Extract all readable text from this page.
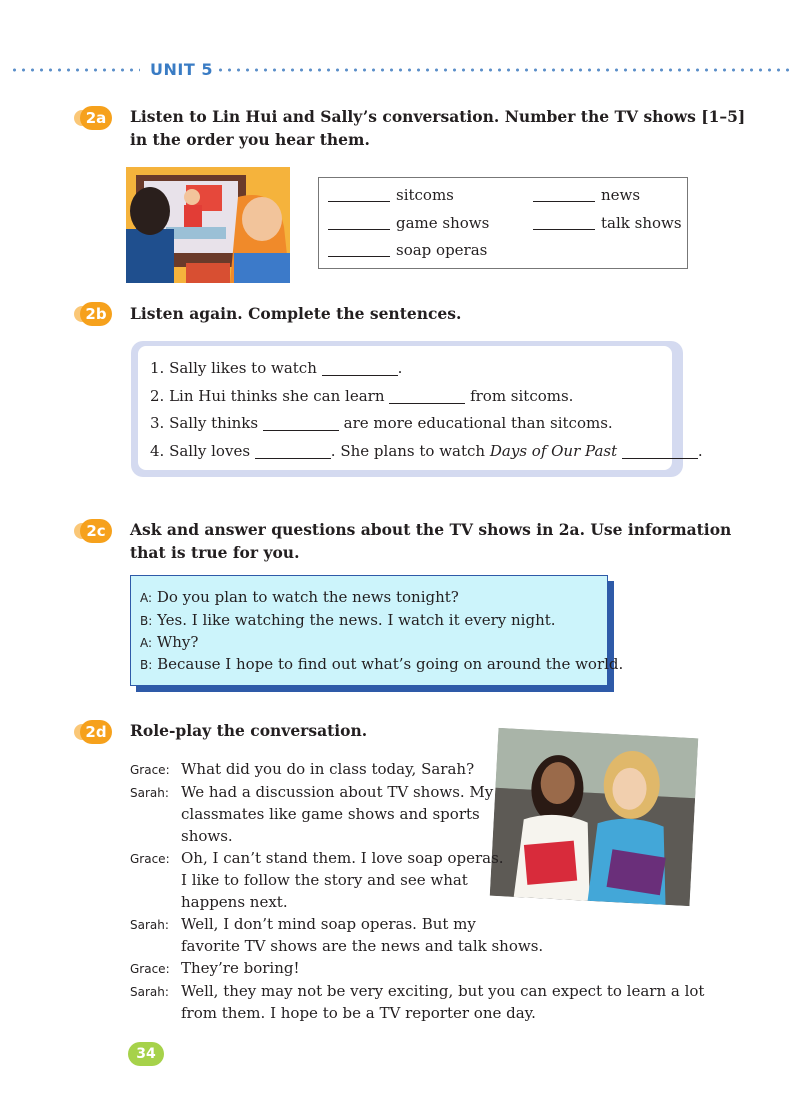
UNIT 5
2a	Listen to Lin Hui and Sally’s conversation. Number the TV shows [1–5]
in the order you hear them.
sitcoms	news
game shows	talk shows
soap operas
2b	Listen again. Complete the sentences.
1. Sally likes to watch	.
2. Lin Hui thinks she can learn	from sitcoms.
3. Sally thinks	are more educational than sitcoms.
4. Sally loves	. She plans to watch Days of Our Past	.
2c	Ask and answer questions about the TV shows in 2a. Use information
that is true for you.
A: Do you plan to watch the news tonight?
B: Yes. I like watching the news. I watch it every night.
A: Why?
B: Because I hope to find out what’s going on around the world.
2d	Role-play the conversation.
Grace: What did you do in class today, Sarah?
Sarah: We had a discussion about TV shows. My
classmates like game shows and sports
shows.
Grace: Oh, I can’t stand them. I love soap operas.
I like to follow the story and see what
happens next.
Sarah: Well, I don’t mind soap operas. But my
favorite TV shows are the news and talk shows.
Grace: They’re boring!
Sarah: Well, they may not be very exciting, but you can expect to learn a lot
from them. I hope to be a TV reporter one day.
34
